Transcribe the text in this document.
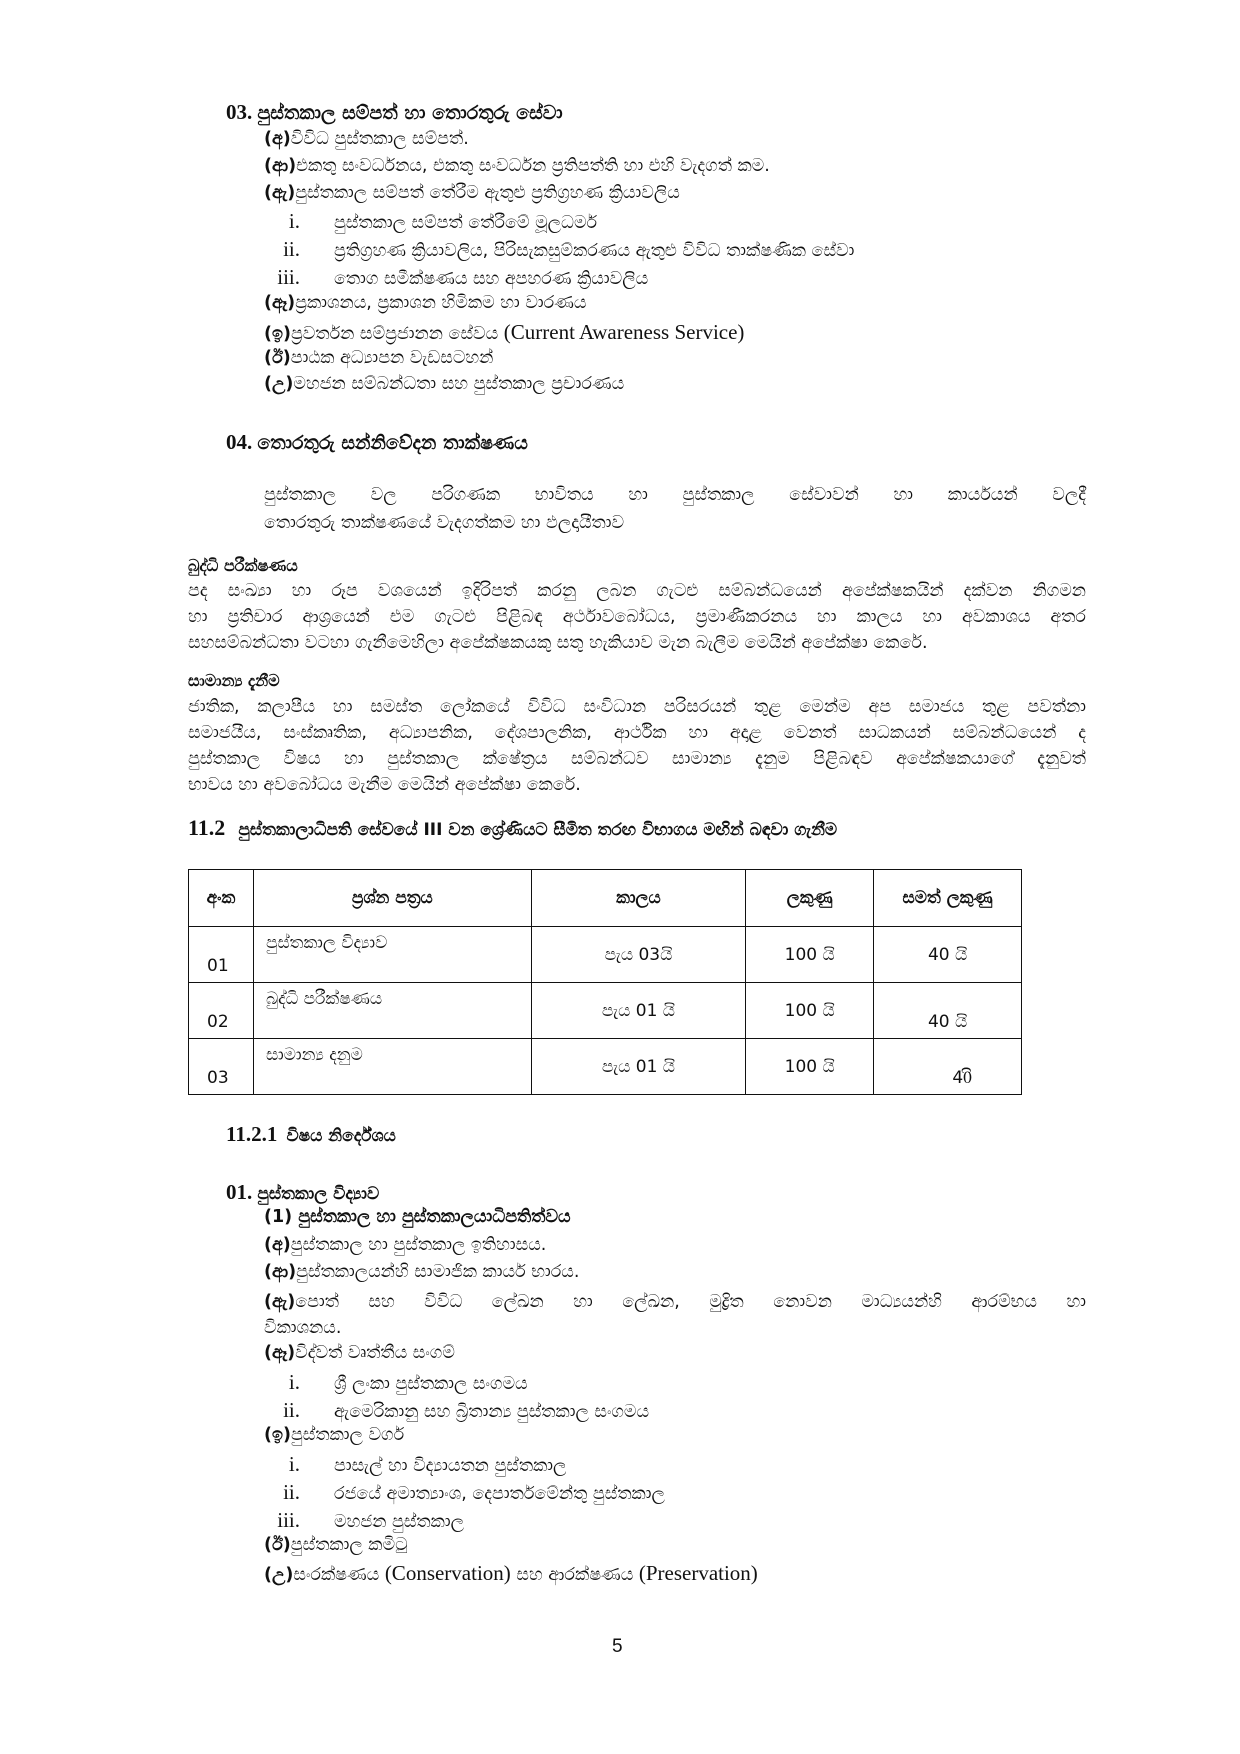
03. පුස්තකාල සම්පත් හා තොරතුරු සේවා
(අ)විවිධ පුස්තකාල සම්පත්.
(ආ)එකතු සංවර්ධනය, එකතු සංවර්ධන ප්‍රතිපත්ති හා එහි වැදගත් කම.
(ඇ)පුස්තකාල සම්පත් තේරීම ඇතුළු ප්‍රතිග්‍රහණ ක්‍රියාවලිය
i. පුස්තකාල සම්පත් තේරීමේ මූලධර්ම
ii. ප්‍රතිග්‍රහණ ක්‍රියාවලිය, පිරිසැකසුම්කරණය ඇතුළු විවිධ තාක්ෂණික සේවා
iii. තොග සමීක්ෂණය සහ අපහරණ ක්‍රියාවලිය
(ඈ)ප්‍රකාශනය, ප්‍රකාශන හිමිකම හා වාරණය
(ඉ)ප්‍රවර්තන සම්ප්‍රජානන සේවය (Current Awareness Service)
(ඊ)පාඨක අධ්‍යාපන වැඩසටහන්
(උ)මහජන සම්බන්ධතා සහ පුස්තකාල ප්‍රචාරණය
04. තොරතුරු සන්නිවේදන තාක්ෂණය
පුස්තකාල වල පරිගණක භාවිතය හා පුස්තකාල සේවාවන් හා කාර්යයන් වලදී
තොරතුරු තාක්ෂණයේ වැදගත්කම හා ඵලදායීතාව
බුද්ධි පරීක්ෂණය
පද සංඛ්‍යා හා රූප වශයෙන් ඉදිරිපත් කරනු ලබන ගැටළු සම්බන්ධයෙන් අපේක්ෂකයින් දක්වන නිගමන
හා ප්‍රතිචාර ආශ්‍රයෙන් එම ගැටළු පිළිබඳ අර්ථාවබෝධය, ප්‍රමාණීකරනය හා කාලය හා අවකාශය අතර
සහසම්බන්ධතා වටහා ගැනීමෙහිලා අපේක්ෂකයකු සතු හැකියාව මැන බැලීම මෙයින් අපේක්ෂා කෙරේ.
සාමාන්‍ය දැනීම
ජාතික, කලාපීය හා සමස්ත ලෝකයේ විවිධ සංවිධාන පරිසරයන් තුළ මෙන්ම අප සමාජය තුළ පවත්නා
සමාජයීය, සංස්කෘතික, අධ්‍යාපනික, දේශපාලනික, ආර්ථික හා අදාළ වෙනත් සාධකයන් සම්බන්ධයෙන් ද
පුස්තකාල විෂය හා පුස්තකාල ක්ෂේත්‍රය සම්බන්ධව සාමාන්‍ය දැනුම පිළිබඳව අපේක්ෂකයාගේ දැනුවත්
භාවය හා අවබෝධය මැනීම මෙයින් අපේක්ෂා කෙරේ.
11.2 පුස්තකාලාධිපති සේවයේ III වන ශ්‍රේණියට සීමිත තරඟ විභාගය මඟින් බඳවා ගැනීම
අංක	ප්‍රශ්න පත්‍රය	කාලය	ලකුණු	සමත් ලකුණු
01	පුස්තකාල විද්‍යාව	පැය 03යි	100 යි	40 යි
02	බුද්ධි පරීක්ෂණය	පැය 01 යි	100 යි	40 යි
03	සාමාන්‍ය දනුම	පැය 01 යි	100 යි	40ි
11.2.1 විෂය නිර්දේශය
01. පුස්තකාල විද්‍යාව
(1) පුස්තකාල හා පුස්තකාලයාධිපතිත්වය
(අ)පුස්තකාල හා පුස්තකාල ඉතිහාසය.
(ආ)පුස්තකාලයන්හි සාමාජික කාර්ය භාරය.
(ඇ)පොත් සහ විවිධ ලේඛන හා ලේඛන, මුද්‍රිත නොවන මාධ්‍යයන්හි ආරම්භය හා
විකාශනය.
(ඈ)විද්වත් වෘත්තීය සංගම්
i. ශ්‍රී ලංකා පුස්තකාල සංගමය
ii. ඇමෙරිකානු සහ බ්‍රිතාන්‍ය පුස්තකාල සංගමය
(ඉ)පුස්තකාල වර්ග
i. පාසැල් හා විද්‍යායතන පුස්තකාල
ii. රජයේ අමාත්‍යාංශ, දෙපාර්තමේන්තු පුස්තකාල
iii. මහජන පුස්තකාල
(ඊ)පුස්තකාල කමිටු
(උ)සංරක්ෂණය (Conservation) සහ ආරක්ෂණය (Preservation)
5
